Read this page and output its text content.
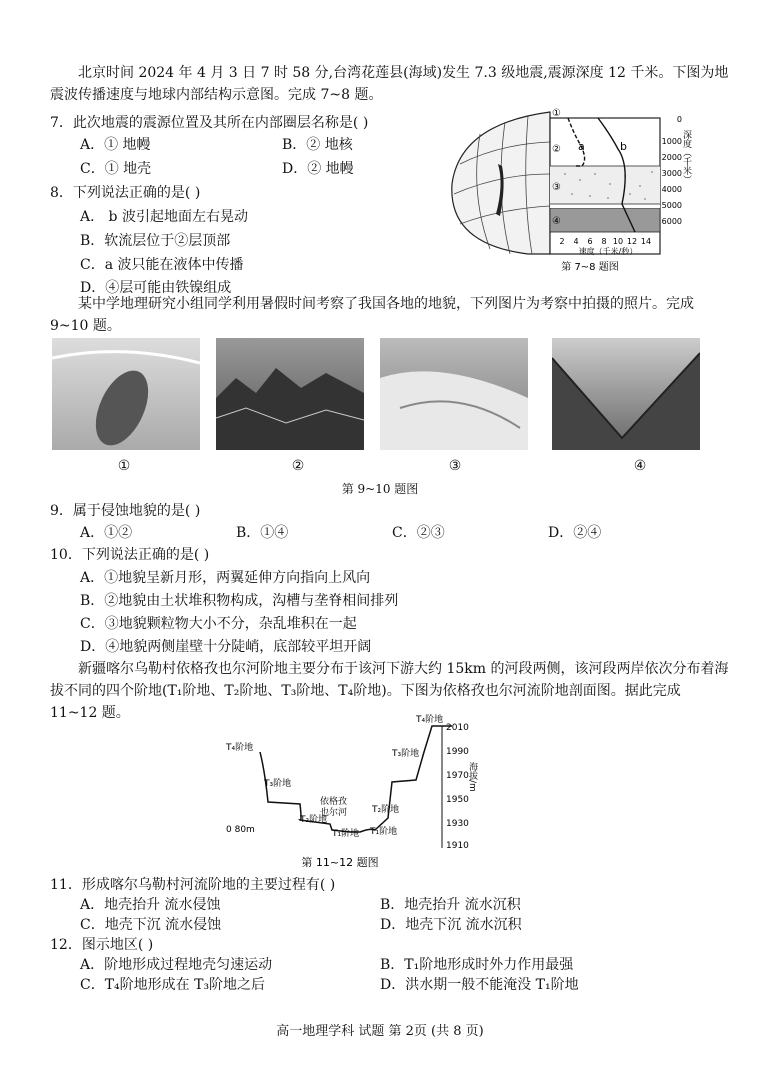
北京时间 2024 年 4 月 3 日 7 时 58 分,台湾花莲县(海域)发生 7.3 级地震,震源深度 12 千米。下图为地震波传播速度与地球内部结构示意图。完成 7~8 题。
7．此次地震的震源位置及其所在内部圈层名称是( )
A．① 地幔	B．② 地核
C．① 地壳	D．② 地幔
8．下列说法正确的是( )
A． b 波引起地面左右晃动
B．软流层位于②层顶部
C．a 波只能在液体中传播
D．④层可能由铁镍组成
a	b
①
②
③
④
0
1000
2000
3000
4000
5000
6000
深度（千米）
2 4 6 8 10 12 14
速度（千米/秒）
第 7~8 题图
某中学地理研究小组同学利用暑假时间考察了我国各地的地貌，下列图片为考察中拍摄的照片。完成 9~10 题。
①	②	③	④
第 9~10 题图
9．属于侵蚀地貌的是( )
A．①②	B．①④	C．②③	D．②④
10．下列说法正确的是( )
A．①地貌呈新月形，两翼延伸方向指向上风向
B．②地貌由土状堆积物构成，沟槽与垄脊相间排列
C．③地貌颗粒物大小不分，杂乱堆积在一起
D．④地貌两侧崖壁十分陡峭，底部较平坦开阔
新疆喀尔乌勒村依格孜也尔河阶地主要分布于该河下游大约 15km 的河段两侧，该河段两岸依次分布着海拔不同的四个阶地(T₁阶地、T₂阶地、T₃阶地、T₄阶地)。下图为依格孜也尔河流阶地剖面图。据此完成 11~12 题。
T₄阶地
T₃阶地
T₂阶地
T₁阶地 T₁阶地
T₂阶地
T₃阶地
T₄阶地
依格孜
也尔河
0 80m
2010
1990
1970
1950
1930
1910
海拔/m
第 11~12 题图
11．形成喀尔乌勒村河流阶地的主要过程有( )
A．地壳抬升 流水侵蚀	B．地壳抬升 流水沉积
C．地壳下沉 流水侵蚀	D．地壳下沉 流水沉积
12．图示地区( )
A．阶地形成过程地壳匀速运动	B．T₁阶地形成时外力作用最强
C．T₄阶地形成在 T₃阶地之后	D．洪水期一般不能淹没 T₁阶地
高一地理学科 试题 第 2页 (共 8 页)
